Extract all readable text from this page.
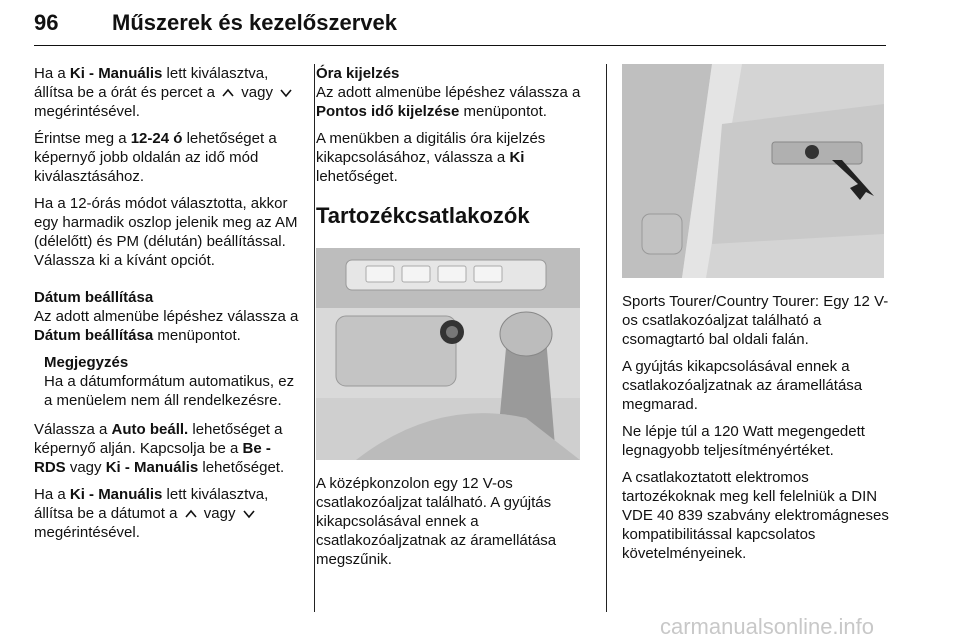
96 Műszerek és kezelőszervek

Ha a Ki - Manuális lett kiválasztva, állítsa be a órát és percet a
vagy
megérintésével.

Érintse meg a 12-24 ó lehetőséget a képernyő jobb oldalán az idő mód kiválasztásához.

Ha a 12-órás módot választotta, akkor egy harmadik oszlop jelenik meg az AM (délelőtt) és PM (délután) beállítással. Válassza ki a kívánt opciót.

Dátum beállítása

Az adott almenübe lépéshez válassza a Dátum beállítása menüpontot.

Megjegyzés
Ha a dátumformátum automatikus, ez a menüelem nem áll rendelkezésre.

Válassza a Auto beáll. lehetőséget a képernyő alján. Kapcsolja be a Be - RDS vagy Ki - Manuális lehetőséget.

Ha a Ki - Manuális lett kiválasztva, állítsa be a dátumot a
vagy
megérintésével.

Óra kijelzés

Az adott almenübe lépéshez válassza a Pontos idő kijelzése menüpontot.

A menükben a digitális óra kijelzés kikapcsolásához, válassza a Ki lehetőséget.

Tartozékcsatlakozók

A középkonzolon egy 12 V-os csatlakozóaljzat található. A gyújtás kikapcsolásával ennek a csatlakozóaljzatnak az áramellátása megszűnik.

Sports Tourer/Country Tourer: Egy 12 V-os csatlakozóaljzat található a csomagtartó bal oldali falán.

A gyújtás kikapcsolásával ennek a csatlakozóaljzatnak az áramellátása megmarad.

Ne lépje túl a 120 Watt megengedett legnagyobb teljesítményértéket.

A csatlakoztatott elektromos tartozékoknak meg kell felelniük a DIN VDE 40 839 szabvány elektromágneses kompatibilitással kapcsolatos követelményeinek.

carmanualsonline.info
